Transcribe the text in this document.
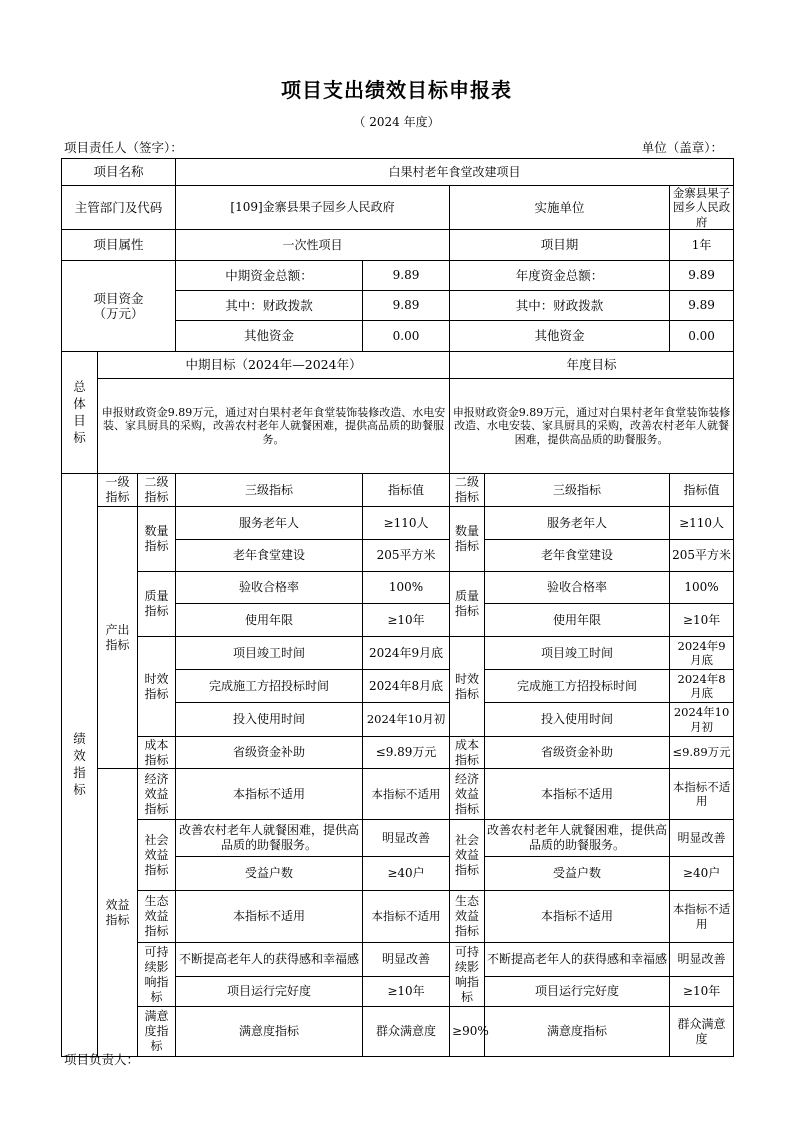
项目支出绩效目标申报表
（ 2024 年度）
项目责任人（签字）：	单位（盖章）：
项目名称			白果村老年食堂改建项目					
主管部门及代码			[109]金寨县果子园乡人民政府		实施单位		金寨县果子园乡人民政府	
项目属性			一次性项目		项目期		1年	
项目资金（万元）			中期资金总额：	9.89	年度资金总额：		9.89	
			其中：财政拨款	9.89	其中：财政拨款		9.89	
			其他资金	0.00	其他资金		0.00	
总体目标	中期目标（2024年—2024年）				年度目标			
	申报财政资金9.89万元，通过对白果村老年食堂装饰装修改造、水电安装、家具厨具的采购，改善农村老年人就餐困难，提供高品质的助餐服务。				申报财政资金9.89万元，通过对白果村老年食堂装饰装修改造、水电安装、家具厨具的采购，改善农村老年人就餐困难，提供高品质的助餐服务。			
绩效指标	一级指标	二级指标	三级指标	指标值	二级指标	三级指标	指标值	
	产出指标	数量指标	服务老年人	≥110人	数量指标	服务老年人	≥110人	
			老年食堂建设	205平方米		老年食堂建设	205平方米	
		质量指标	验收合格率	100%	质量指标	验收合格率	100%	
			使用年限	≥10年		使用年限	≥10年	
		时效指标	项目竣工时间	2024年9月底	时效指标	项目竣工时间	2024年9月底	
			完成施工方招投标时间	2024年8月底		完成施工方招投标时间	2024年8月底	
			投入使用时间	2024年10月初		投入使用时间	2024年10月初	
		成本指标	省级资金补助	≤9.89万元	成本指标	省级资金补助	≤9.89万元	
	效益指标	经济效益指标	本指标不适用	本指标不适用	经济效益指标	本指标不适用	本指标不适用	
		社会效益指标	改善农村老年人就餐困难，提供高品质的助餐服务。	明显改善	社会效益指标	改善农村老年人就餐困难，提供高品质的助餐服务。	明显改善	
			受益户数	≥40户		受益户数	≥40户	
		生态效益指标	本指标不适用	本指标不适用	生态效益指标	本指标不适用	本指标不适用	
		可持续影响指标	不断提高老年人的获得感和幸福感	明显改善	可持续影响指标	不断提高老年人的获得感和幸福感	明显改善	
			项目运行完好度	≥10年		项目运行完好度	≥10年	
		满意度指标	满意度指标	群众满意度	≥90%	满意度指标	群众满意度	
项目负责人：
